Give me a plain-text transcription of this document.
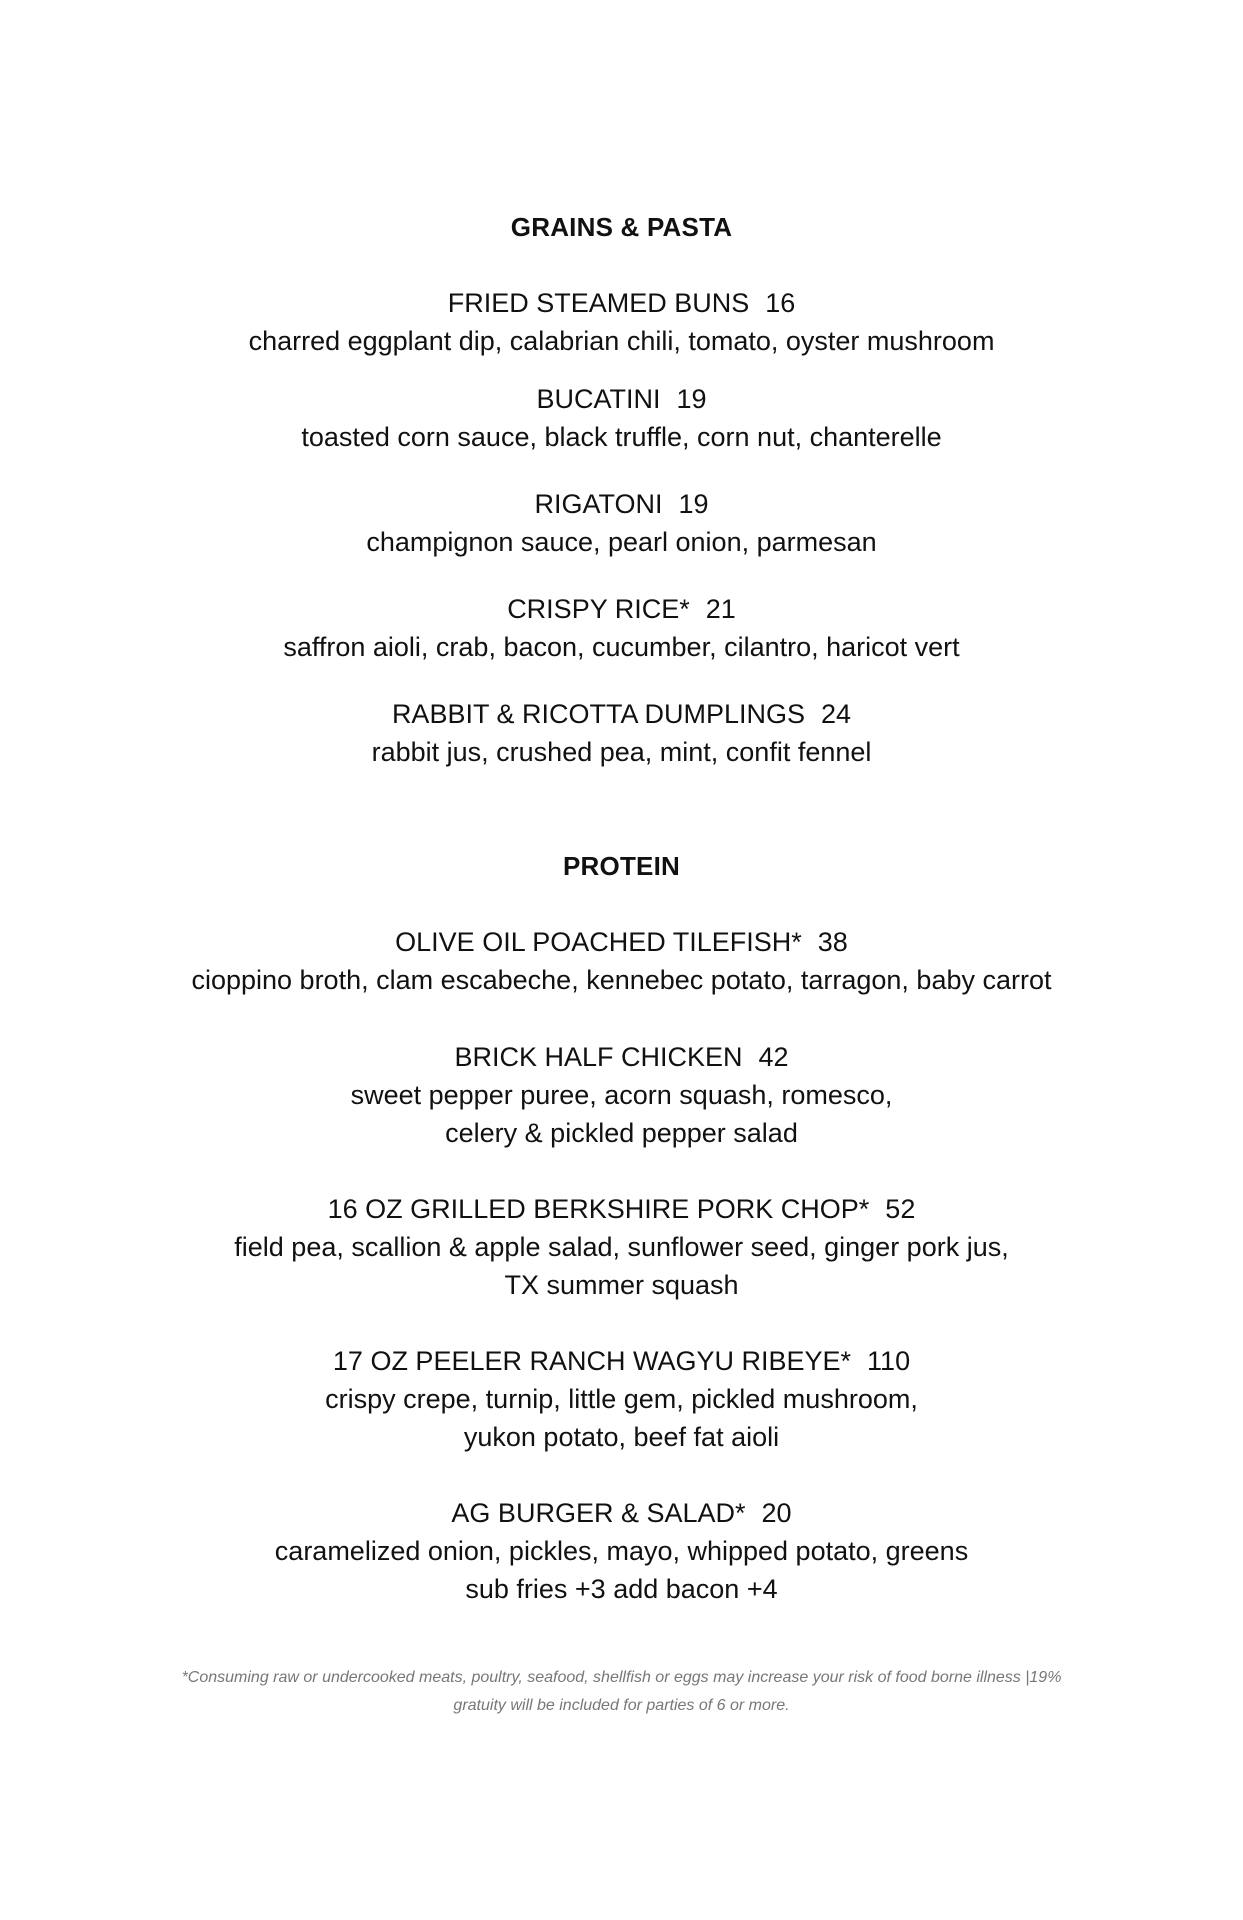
GRAINS & PASTA
FRIED STEAMED BUNS 16
charred eggplant dip, calabrian chili, tomato, oyster mushroom
BUCATINI 19
toasted corn sauce, black truffle, corn nut, chanterelle
RIGATONI 19
champignon sauce, pearl onion, parmesan
CRISPY RICE* 21
saffron aioli, crab, bacon, cucumber, cilantro, haricot vert
RABBIT & RICOTTA DUMPLINGS 24
rabbit jus, crushed pea, mint, confit fennel
PROTEIN
OLIVE OIL POACHED TILEFISH* 38
cioppino broth, clam escabeche, kennebec potato, tarragon, baby carrot
BRICK HALF CHICKEN 42
sweet pepper puree, acorn squash, romesco,
celery & pickled pepper salad
16 OZ GRILLED BERKSHIRE PORK CHOP* 52
field pea, scallion & apple salad, sunflower seed, ginger pork jus,
TX summer squash
17 OZ PEELER RANCH WAGYU RIBEYE* 110
crispy crepe, turnip, little gem, pickled mushroom,
yukon potato, beef fat aioli
AG BURGER & SALAD* 20
caramelized onion, pickles, mayo, whipped potato, greens
sub fries +3 add bacon +4
*Consuming raw or undercooked meats, poultry, seafood, shellfish or eggs may increase your risk of food borne illness |19%
gratuity will be included for parties of 6 or more.
